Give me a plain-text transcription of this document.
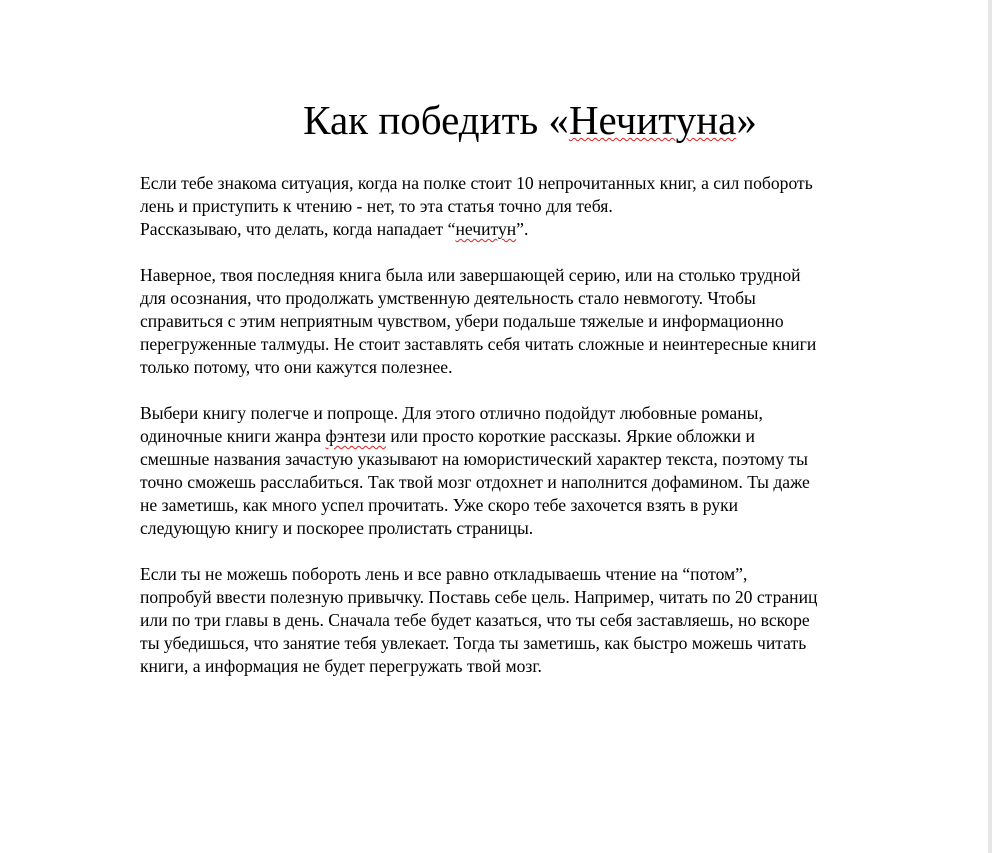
Как победить «Нечитуна»

Если тебе знакома ситуация, когда на полке стоит 10 непрочитанных книг, а сил побороть
лень и приступить к чтению - нет, то эта статья точно для тебя.
Рассказываю, что делать, когда нападает “нечитун”.

Наверное, твоя последняя книга была или завершающей серию, или на столько трудной
для осознания, что продолжать умственную деятельность стало невмоготу. Чтобы
справиться с этим неприятным чувством, убери подальше тяжелые и информационно
перегруженные талмуды. Не стоит заставлять себя читать сложные и неинтересные книги
только потому, что они кажутся полезнее.

Выбери книгу полегче и попроще. Для этого отлично подойдут любовные романы,
одиночные книги жанра фэнтези или просто короткие рассказы. Яркие обложки и
смешные названия зачастую указывают на юмористический характер текста, поэтому ты
точно сможешь расслабиться. Так твой мозг отдохнет и наполнится дофамином. Ты даже
не заметишь, как много успел прочитать. Уже скоро тебе захочется взять в руки
следующую книгу и поскорее пролистать страницы.

Если ты не можешь побороть лень и все равно откладываешь чтение на “потом”,
попробуй ввести полезную привычку. Поставь себе цель. Например, читать по 20 страниц
или по три главы в день. Сначала тебе будет казаться, что ты себя заставляешь, но вскоре
ты убедишься, что занятие тебя увлекает. Тогда ты заметишь, как быстро можешь читать
книги, а информация не будет перегружать твой мозг.
